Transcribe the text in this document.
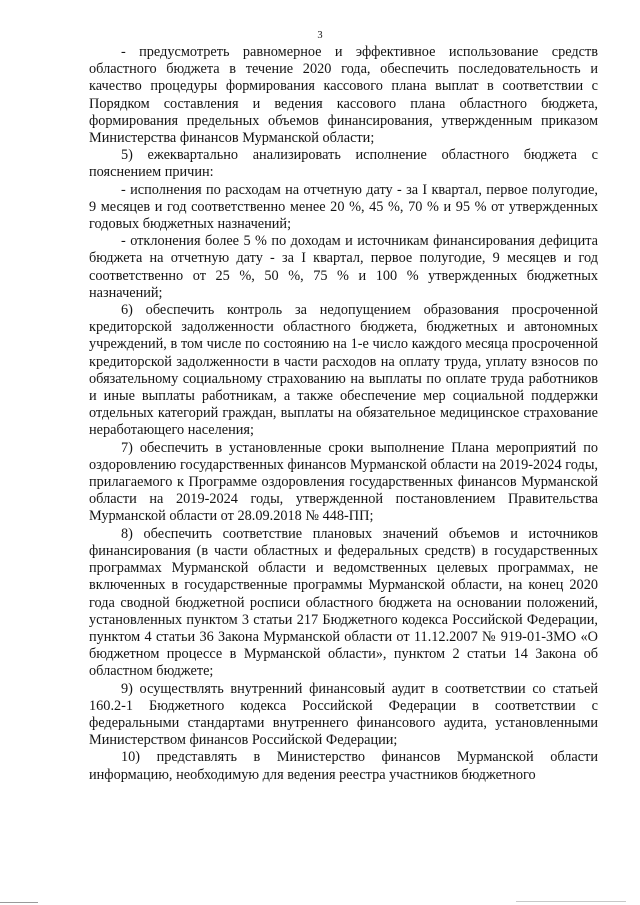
3

- предусмотреть равномерное и эффективное использование средств областного бюджета в течение 2020 года, обеспечить последовательность и качество процедуры формирования кассового плана выплат в соответствии с Порядком составления и ведения кассового плана областного бюджета, формирования предельных объемов финансирования, утвержденным приказом Министерства финансов Мурманской области;

5) ежеквартально анализировать исполнение областного бюджета с пояснением причин:

- исполнения по расходам на отчетную дату - за I квартал, первое полугодие, 9 месяцев и год соответственно менее 20 %, 45 %, 70 % и 95 % от утвержденных годовых бюджетных назначений;

- отклонения более 5 % по доходам и источникам финансирования дефицита бюджета на отчетную дату - за I квартал, первое полугодие, 9 месяцев и год соответственно от 25 %, 50 %, 75 % и 100 % утвержденных бюджетных назначений;

6) обеспечить контроль за недопущением образования просроченной кредиторской задолженности областного бюджета, бюджетных и автономных учреждений, в том числе по состоянию на 1-е число каждого месяца просроченной кредиторской задолженности в части расходов на оплату труда, уплату взносов по обязательному социальному страхованию на выплаты по оплате труда работников и иные выплаты работникам, а также обеспечение мер социальной поддержки отдельных категорий граждан, выплаты на обязательное медицинское страхование неработающего населения;

7) обеспечить в установленные сроки выполнение Плана мероприятий по оздоровлению государственных финансов Мурманской области на 2019-2024 годы, прилагаемого к Программе оздоровления государственных финансов Мурманской области на 2019-2024 годы, утвержденной постановлением Правительства Мурманской области от 28.09.2018 № 448-ПП;

8) обеспечить соответствие плановых значений объемов и источников финансирования (в части областных и федеральных средств) в государственных программах Мурманской области и ведомственных целевых программах, не включенных в государственные программы Мурманской области, на конец 2020 года сводной бюджетной росписи областного бюджета на основании положений, установленных пунктом 3 статьи 217 Бюджетного кодекса Российской Федерации, пунктом 4 статьи 36 Закона Мурманской области от 11.12.2007 № 919-01-ЗМО «О бюджетном процессе в Мурманской области», пунктом 2 статьи 14 Закона об областном бюджете;

9) осуществлять внутренний финансовый аудит в соответствии со статьей 160.2-1 Бюджетного кодекса Российской Федерации в соответствии с федеральными стандартами внутреннего финансового аудита, установленными Министерством финансов Российской Федерации;

10) представлять в Министерство финансов Мурманской области информацию, необходимую для ведения реестра участников бюджетного
